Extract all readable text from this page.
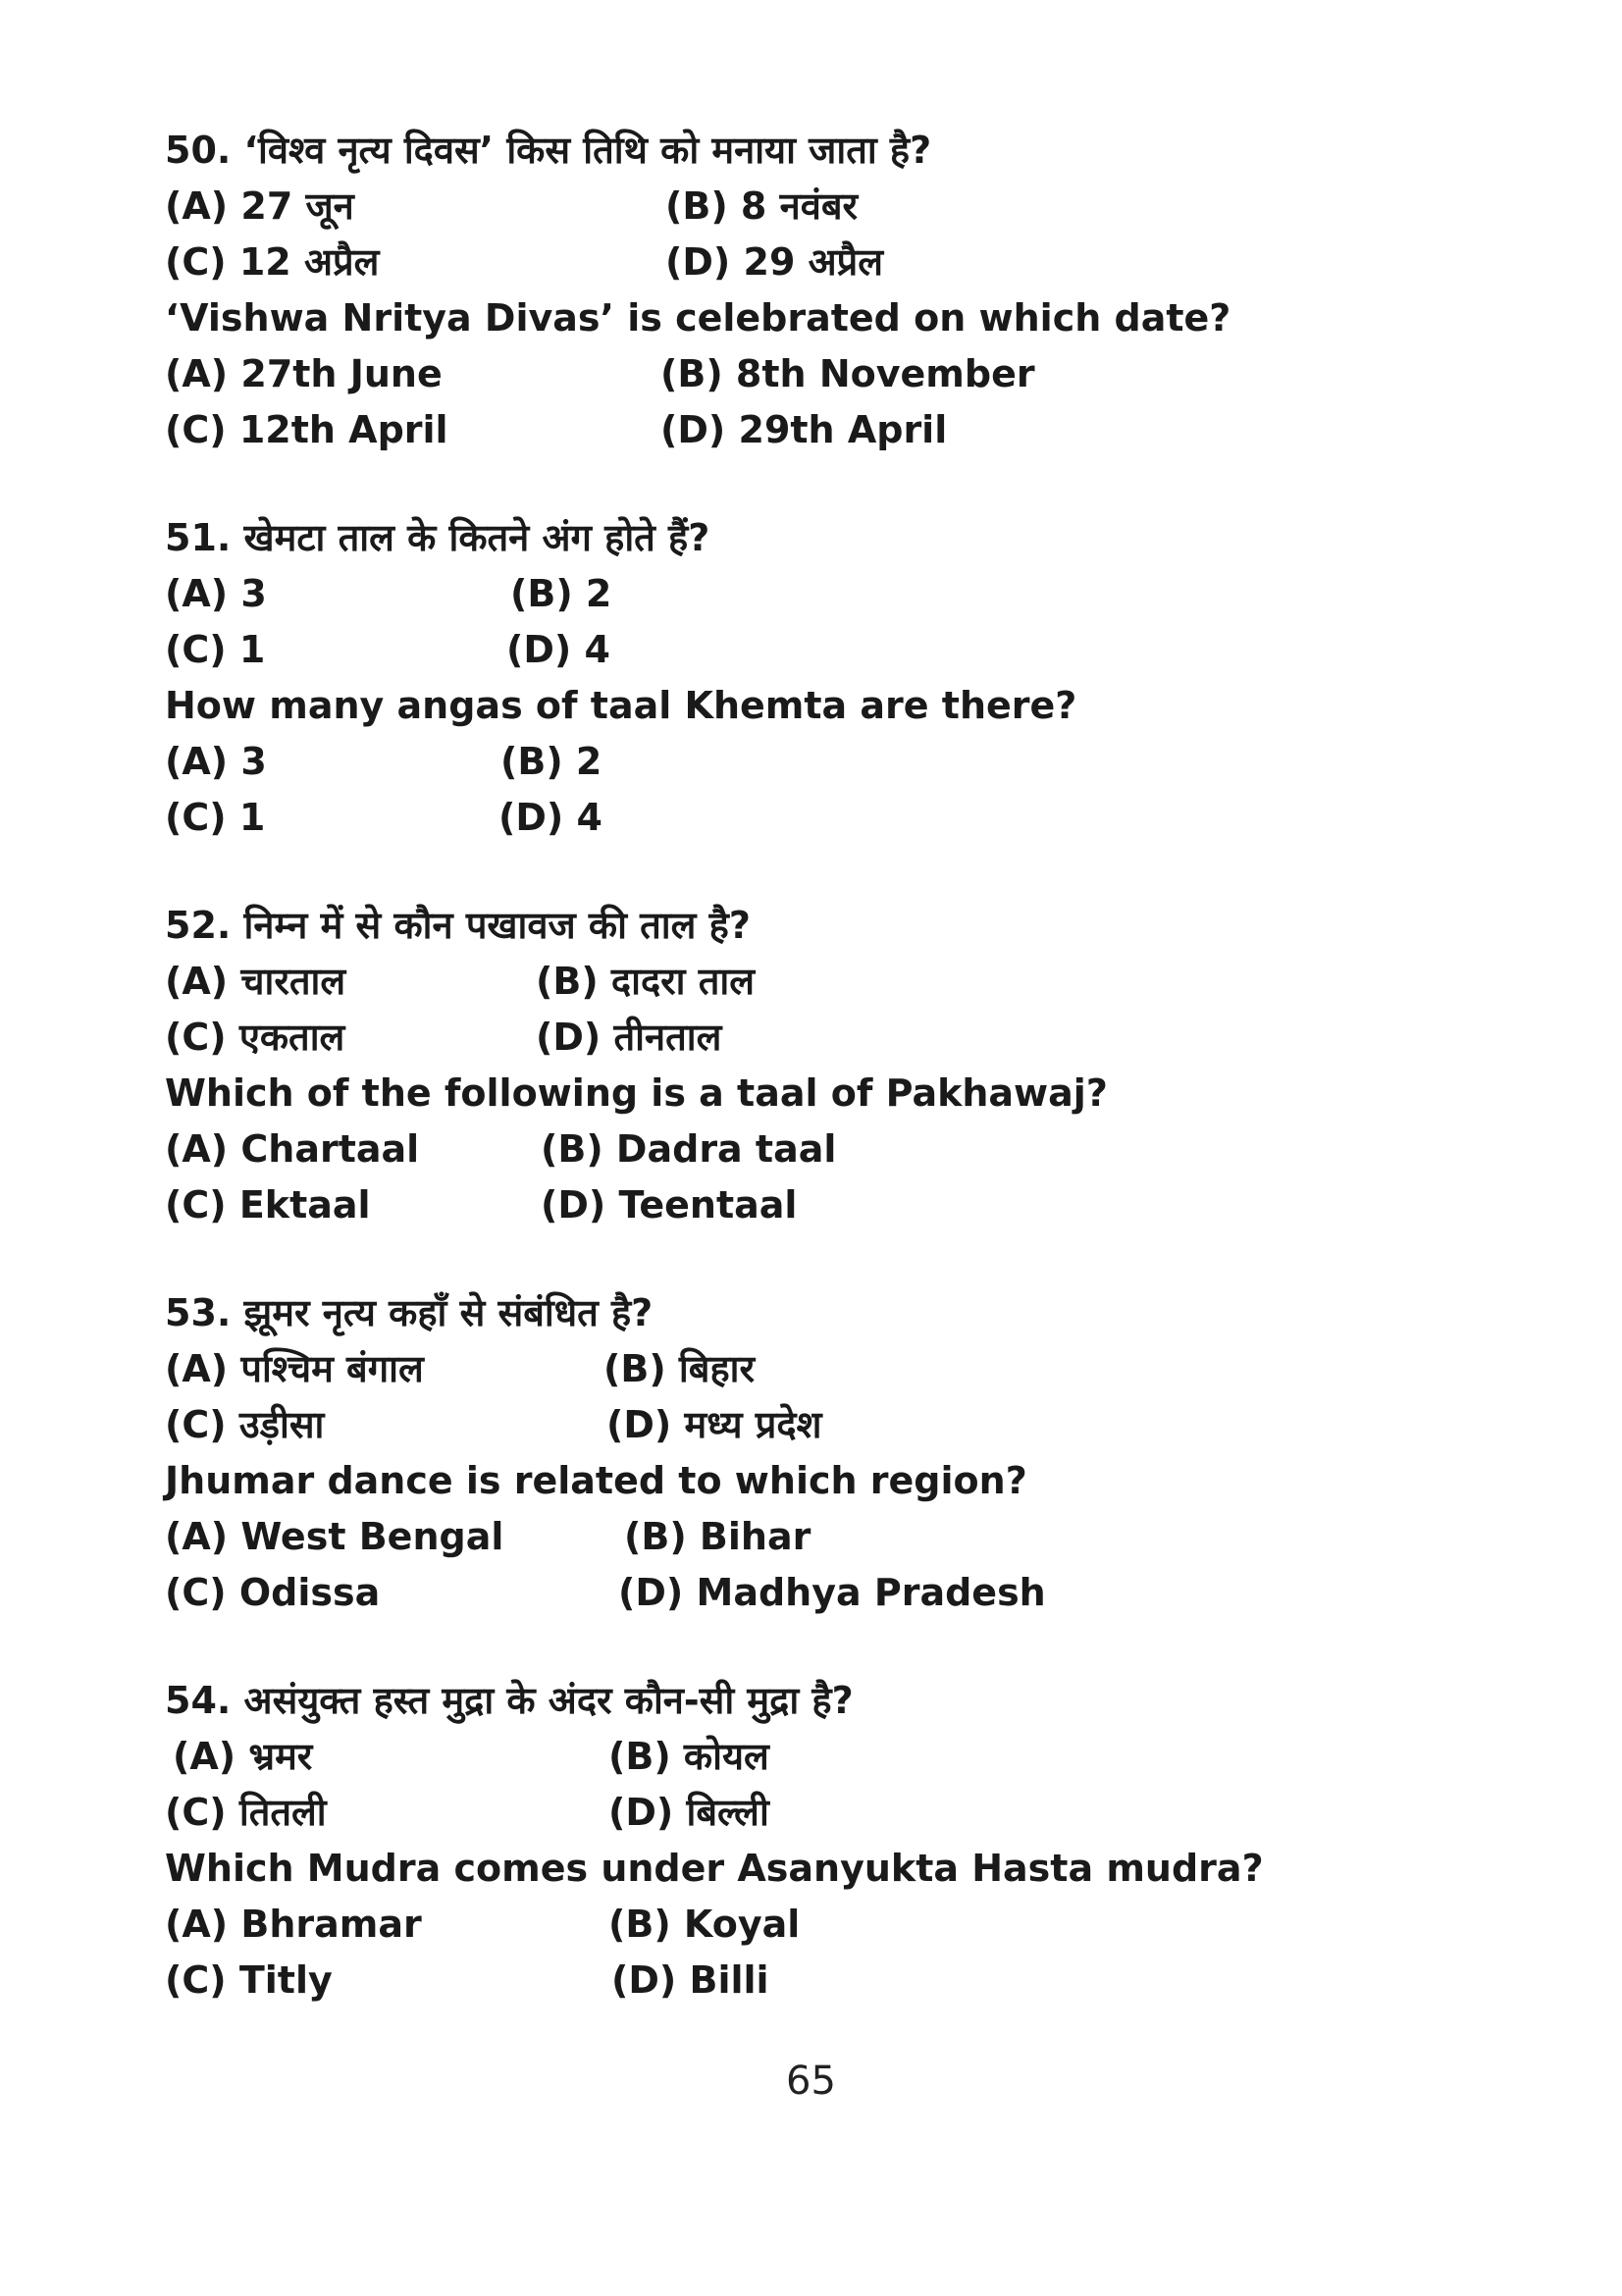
50. ‘विश्व नृत्य दिवस’ किस तिथि को मनाया जाता है?
(A) 27 जून	(B) 8 नवंबर
(C) 12 अप्रैल	(D) 29 अप्रैल
‘Vishwa Nritya Divas’ is celebrated on which date?
(A) 27th June	(B) 8th November
(C) 12th April	(D) 29th April
51. खेमटा ताल के कितने अंग होते हैं?
(A) 3	(B) 2
(C) 1	(D) 4
How many angas of taal Khemta are there?
(A) 3	(B) 2
(C) 1	(D) 4
52. निम्न में से कौन पखावज की ताल है?
(A) चारताल	(B) दादरा ताल
(C) एकताल	(D) तीनताल
Which of the following is a taal of Pakhawaj?
(A) Chartaal	(B) Dadra taal
(C) Ektaal	(D) Teentaal
53. झूमर नृत्य कहाँ से संबंधित है?
(A) पश्चिम बंगाल	(B) बिहार
(C) उड़ीसा	(D) मध्य प्रदेश
Jhumar dance is related to which region?
(A) West Bengal	(B) Bihar
(C) Odissa	(D) Madhya Pradesh
54. असंयुक्त हस्त मुद्रा के अंदर कौन-सी मुद्रा है?
(A) भ्रमर	(B) कोयल
(C) तितली	(D) बिल्ली
Which Mudra comes under Asanyukta Hasta mudra?
(A) Bhramar	(B) Koyal
(C) Titly	(D) Billi
65
